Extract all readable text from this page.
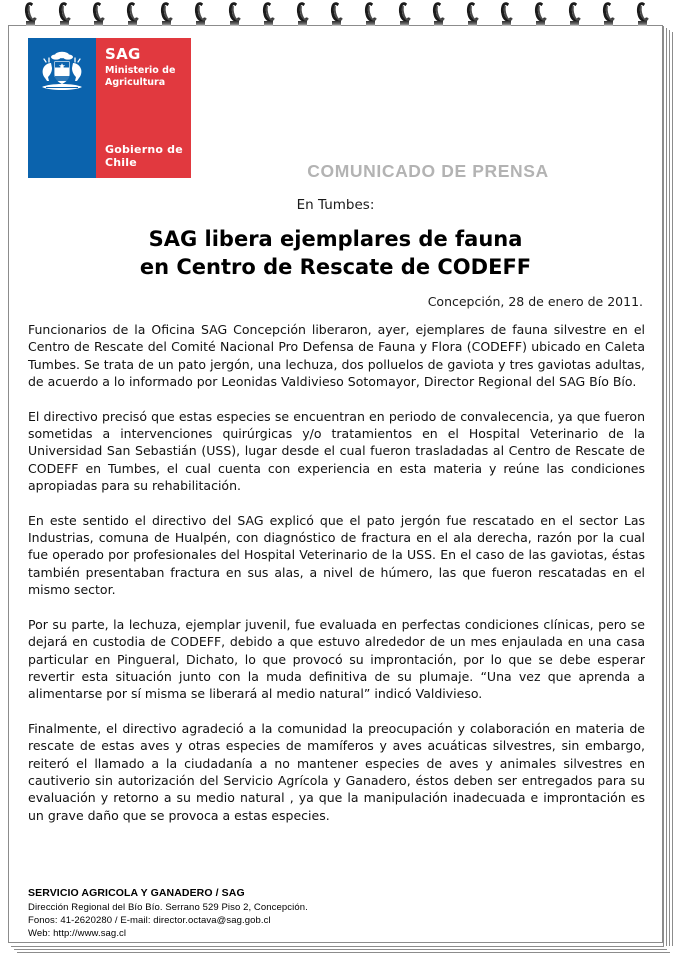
SAG
Ministerio de
Agricultura
Gobierno de Chile	COMUNICADO DE PRENSA
En Tumbes:
SAG libera ejemplares de fauna
en Centro de Rescate de CODEFF
Concepción, 28 de enero de 2011.

Funcionarios de la Oficina SAG Concepción liberaron, ayer, ejemplares de fauna silvestre en el Centro de Rescate del Comité Nacional Pro Defensa de Fauna y Flora (CODEFF) ubicado en Caleta Tumbes. Se trata de un pato jergón, una lechuza, dos polluelos de gaviota y tres gaviotas adultas, de acuerdo a lo informado por Leonidas Valdivieso Sotomayor, Director Regional del SAG Bío Bío.

El directivo precisó que estas especies se encuentran en periodo de convalecencia, ya que fueron sometidas a intervenciones quirúrgicas y/o tratamientos en el Hospital Veterinario de la Universidad San Sebastián (USS), lugar desde el cual fueron trasladadas al Centro de Rescate de CODEFF en Tumbes, el cual cuenta con experiencia en esta materia y reúne las condiciones apropiadas para su rehabilitación.

En este sentido el directivo del SAG explicó que el pato jergón fue rescatado en el sector Las Industrias, comuna de Hualpén, con diagnóstico de fractura en el ala derecha, razón por la cual fue operado por profesionales del Hospital Veterinario de la USS. En el caso de las gaviotas, éstas también presentaban fractura en sus alas, a nivel de húmero, las que fueron rescatadas en el mismo sector.

Por su parte, la lechuza, ejemplar juvenil, fue evaluada en perfectas condiciones clínicas, pero se dejará en custodia de CODEFF, debido a que estuvo alrededor de un mes enjaulada en una casa particular en Pingueral, Dichato, lo que provocó su improntación, por lo que se debe esperar revertir esta situación junto con la muda definitiva de su plumaje. “Una vez que aprenda a alimentarse por sí misma se liberará al medio natural” indicó Valdivieso.

Finalmente, el directivo agradeció a la comunidad la preocupación y colaboración en materia de rescate de estas aves y otras especies de mamíferos y aves acuáticas silvestres, sin embargo, reiteró el llamado a la ciudadanía a no mantener especies de aves y animales silvestres en cautiverio sin autorización del Servicio Agrícola y Ganadero, éstos deben ser entregados para su evaluación y retorno a su medio natural , ya que la manipulación inadecuada e improntación es un grave daño que se provoca a estas especies.

SERVICIO AGRICOLA Y GANADERO / SAG
Dirección Regional del Bío Bío. Serrano 529 Piso 2, Concepción.
Fonos: 41-2620280 / E-mail: director.octava@sag.gob.cl
Web: http://www.sag.cl
